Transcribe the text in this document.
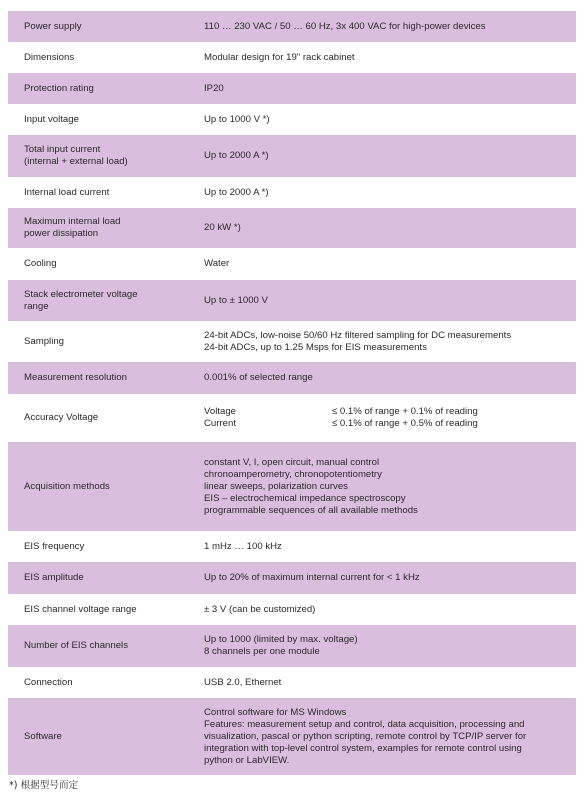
Power supply	110 … 230 VAC / 50 … 60 Hz, 3x 400 VAC for high-power devices
Dimensions	Modular design for 19" rack cabinet
Protection rating	IP20
Input voltage	Up to 1000 V *)
Total input current
(internal + external load)	Up to 2000 A *)
Internal load current	Up to 2000 A *)
Maximum internal load
power dissipation	20 kW *)
Cooling	Water
Stack electrometer voltage
range	Up to ± 1000 V
Sampling	24-bit ADCs, low-noise 50/60 Hz filtered sampling for DC measurements
24-bit ADCs, up to 1.25 Msps for EIS measurements
Measurement resolution	0.001% of selected range
Accuracy Voltage	Voltage ≤ 0.1% of range + 0.1% of reading
Current ≤ 0.1% of range + 0.5% of reading

Acquisition methods	constant V, I, open circuit, manual control
chronoamperometry, chronopotentiometry
linear sweeps, polarization curves
EIS – electrochemical impedance spectroscopy
programmable sequences of all available methods
EIS frequency	1 mHz … 100 kHz
EIS amplitude	Up to 20% of maximum internal current for < 1 kHz
EIS channel voltage range	± 3 V (can be customized)
Number of EIS channels	Up to 1000 (limited by max. voltage)
8 channels per one module
Connection	USB 2.0, Ethernet
Software	Control software for MS Windows
Features: measurement setup and control, data acquisition, processing and
visualization, pascal or python scripting, remote control by TCP/IP server for
integration with top-level control system, examples for remote control using
python or LabVIEW.
*) 根据型号而定
